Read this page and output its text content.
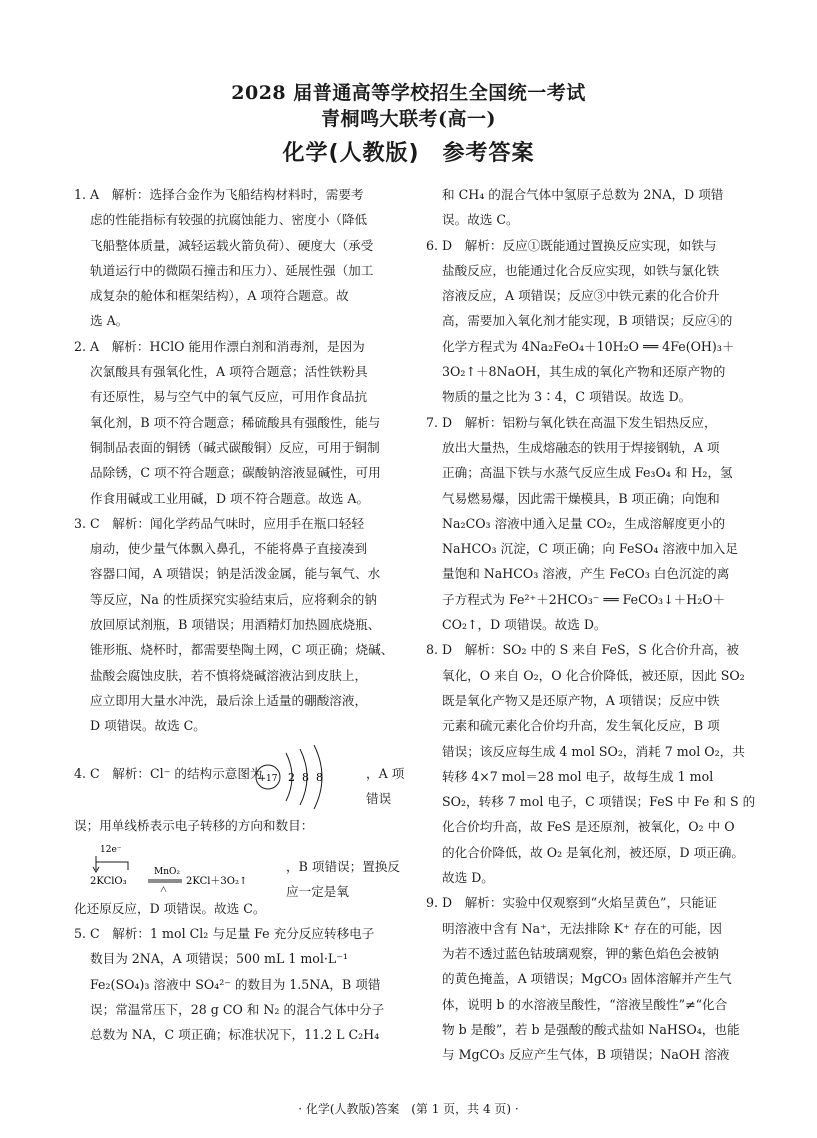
2028 届普通高等学校招生全国统一考试
青桐鸣大联考(高一)
化学(人教版)　参考答案
1. A　解析：选择合金作为飞船结构材料时，需要考
虑的性能指标有较强的抗腐蚀能力、密度小（降低
飞船整体质量，减轻运载火箭负荷）、硬度大（承受
轨道运行中的微陨石撞击和压力）、延展性强（加工
成复杂的舱体和框架结构），A 项符合题意。故
选 A。
2. A　解析：HClO 能用作漂白剂和消毒剂，是因为
次氯酸具有强氧化性，A 项符合题意；活性铁粉具
有还原性，易与空气中的氧气反应，可用作食品抗
氧化剂，B 项不符合题意；稀硫酸具有强酸性，能与
铜制品表面的铜锈（碱式碳酸铜）反应，可用于铜制
品除锈，C 项不符合题意；碳酸钠溶液显碱性，可用
作食用碱或工业用碱，D 项不符合题意。故选 A。
3. C　解析：闻化学药品气味时，应用手在瓶口轻轻
扇动，使少量气体飘入鼻孔，不能将鼻子直接凑到
容器口闻，A 项错误；钠是活泼金属，能与氧气、水
等反应，Na 的性质探究实验结束后，应将剩余的钠
放回原试剂瓶，B 项错误；用酒精灯加热圆底烧瓶、
锥形瓶、烧杯时，都需要垫陶土网，C 项正确；烧碱、
盐酸会腐蚀皮肤，若不慎将烧碱溶液沾到皮肤上，
应立即用大量水冲洗，最后涂上适量的硼酸溶液，
D 项错误。故选 C。
4. C　解析：Cl⁻ 的结构示意图为
+17 2 8 8	，A 项错误
误；用单线桥表示电子转移的方向和数目：
12e⁻
2KClO₃
MnO₂
△
2KCl＋3O₂↑
，B 项错误；置换反应一定是氧
化还原反应，D 项错误。故选 C。
5. C　解析：1 mol Cl₂ 与足量 Fe 充分反应转移电子
数目为 2NA，A 项错误；500 mL 1 mol·L⁻¹
Fe₂(SO₄)₃ 溶液中 SO₄²⁻ 的数目为 1.5NA，B 项错
误；常温常压下，28 g CO 和 N₂ 的混合气体中分子
总数为 NA，C 项正确；标准状况下，11.2 L C₂H₄
和 CH₄ 的混合气体中氢原子总数为 2NA，D 项错
误。故选 C。
6. D　解析：反应①既能通过置换反应实现，如铁与
盐酸反应，也能通过化合反应实现，如铁与氯化铁
溶液反应，A 项错误；反应③中铁元素的化合价升
高，需要加入氧化剂才能实现，B 项错误；反应④的
化学方程式为 4Na₂FeO₄＋10H₂O ══ 4Fe(OH)₃＋
3O₂↑＋8NaOH，其生成的氧化产物和还原产物的
物质的量之比为 3∶4，C 项错误。故选 D。
7. D　解析：铝粉与氧化铁在高温下发生铝热反应，
放出大量热，生成熔融态的铁用于焊接钢轨，A 项
正确；高温下铁与水蒸气反应生成 Fe₃O₄ 和 H₂，氢
气易燃易爆，因此需干燥模具，B 项正确；向饱和
Na₂CO₃ 溶液中通入足量 CO₂，生成溶解度更小的
NaHCO₃ 沉淀，C 项正确；向 FeSO₄ 溶液中加入足
量饱和 NaHCO₃ 溶液，产生 FeCO₃ 白色沉淀的离
子方程式为 Fe²⁺＋2HCO₃⁻ ══ FeCO₃↓＋H₂O＋
CO₂↑，D 项错误。故选 D。
8. D　解析：SO₂ 中的 S 来自 FeS，S 化合价升高，被
氧化，O 来自 O₂，O 化合价降低，被还原，因此 SO₂
既是氧化产物又是还原产物，A 项错误；反应中铁
元素和硫元素化合价均升高，发生氧化反应，B 项
错误；该反应每生成 4 mol SO₂，消耗 7 mol O₂，共
转移 4×7 mol＝28 mol 电子，故每生成 1 mol
SO₂，转移 7 mol 电子，C 项错误；FeS 中 Fe 和 S 的
化合价均升高，故 FeS 是还原剂，被氧化，O₂ 中 O
的化合价降低，故 O₂ 是氧化剂，被还原，D 项正确。
故选 D。
9. D　解析：实验中仅观察到“火焰呈黄色”，只能证
明溶液中含有 Na⁺，无法排除 K⁺ 存在的可能，因
为若不透过蓝色钴玻璃观察，钾的紫色焰色会被钠
的黄色掩盖，A 项错误；MgCO₃ 固体溶解并产生气
体，说明 b 的水溶液呈酸性，“溶液呈酸性”≠“化合
物 b 是酸”，若 b 是强酸的酸式盐如 NaHSO₄，也能
与 MgCO₃ 反应产生气体，B 项错误；NaOH 溶液
· 化学(人教版)答案　(第 1 页，共 4 页) ·
